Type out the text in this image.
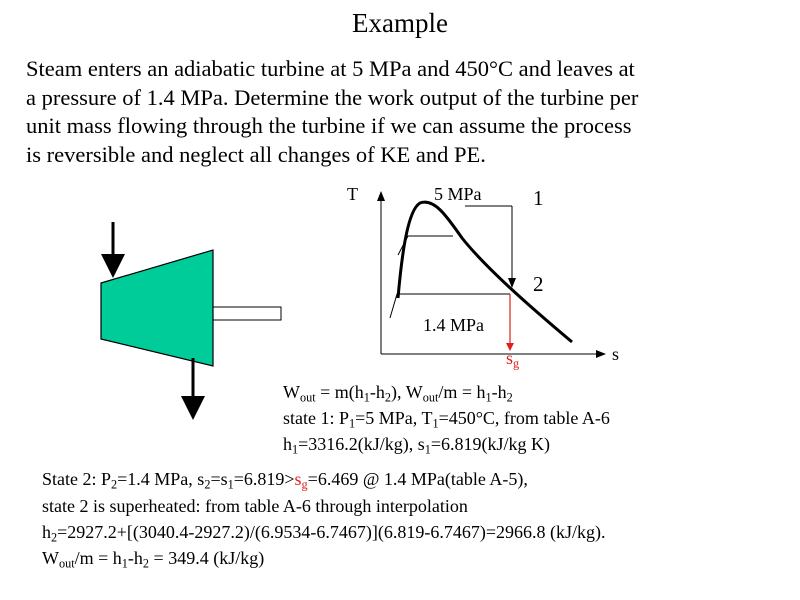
Example
Steam enters an adiabatic turbine at 5 MPa and 450°C and leaves at
a pressure of 1.4 MPa. Determine the work output of the turbine per
unit mass flowing through the turbine if we can assume the process
is reversible and neglect all changes of KE and PE.
T
s
5 MPa
1.4 MPa
1
2
$s_g$
$W_{out} = m(h_1-h_2)$, $W_{out}/m = h_1-h_2$
state 1: $P_1=5$ MPa, $T_1=450^\circ C$, from table A-6
$h_1=3316.2(kJ/kg)$, $s_1=6.819(kJ/kg$ K)
State 2: $P_2=1.4$ MPa, $s_2=s_1=6.819>s_g=6.469$ @ 1.4 MPa(table A-5),
state 2 is superheated: from table A-6 through interpolation
$h_2=2927.2+[(3040.4-2927.2)/(6.9534-6.7467)](6.819-6.7467)=2966.8$ (kJ/kg).
$W_{out}/m = h_1-h_2 = 349.4$ (kJ/kg)
